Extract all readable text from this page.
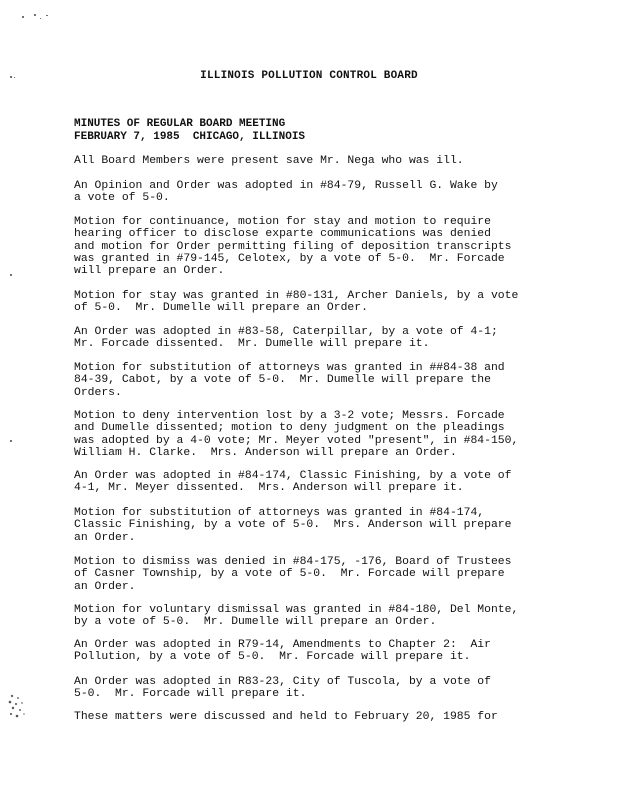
ILLINOIS POLLUTION CONTROL BOARD
MINUTES OF REGULAR BOARD MEETING
FEBRUARY 7, 1985  CHICAGO, ILLINOIS
All Board Members were present save Mr. Nega who was ill.
An Opinion and Order was adopted in #84-79, Russell G. Wake by
a vote of 5-0.
Motion for continuance, motion for stay and motion to require
hearing officer to disclose exparte communications was denied
and motion for Order permitting filing of deposition transcripts
was granted in #79-145, Celotex, by a vote of 5-0.  Mr. Forcade
will prepare an Order.
Motion for stay was granted in #80-131, Archer Daniels, by a vote
of 5-0.  Mr. Dumelle will prepare an Order.
An Order was adopted in #83-58, Caterpillar, by a vote of 4-1;
Mr. Forcade dissented.  Mr. Dumelle will prepare it.
Motion for substitution of attorneys was granted in ##84-38 and
84-39, Cabot, by a vote of 5-0.  Mr. Dumelle will prepare the
Orders.
Motion to deny intervention lost by a 3-2 vote; Messrs. Forcade
and Dumelle dissented; motion to deny judgment on the pleadings
was adopted by a 4-0 vote; Mr. Meyer voted "present", in #84-150,
William H. Clarke.  Mrs. Anderson will prepare an Order.
An Order was adopted in #84-174, Classic Finishing, by a vote of
4-1, Mr. Meyer dissented.  Mrs. Anderson will prepare it.
Motion for substitution of attorneys was granted in #84-174,
Classic Finishing, by a vote of 5-0.  Mrs. Anderson will prepare
an Order.
Motion to dismiss was denied in #84-175, -176, Board of Trustees
of Casner Township, by a vote of 5-0.  Mr. Forcade will prepare
an Order.
Motion for voluntary dismissal was granted in #84-180, Del Monte,
by a vote of 5-0.  Mr. Dumelle will prepare an Order.
An Order was adopted in R79-14, Amendments to Chapter 2:  Air
Pollution, by a vote of 5-0.  Mr. Forcade will prepare it.
An Order was adopted in R83-23, City of Tuscola, by a vote of
5-0.  Mr. Forcade will prepare it.
These matters were discussed and held to February 20, 1985 for
